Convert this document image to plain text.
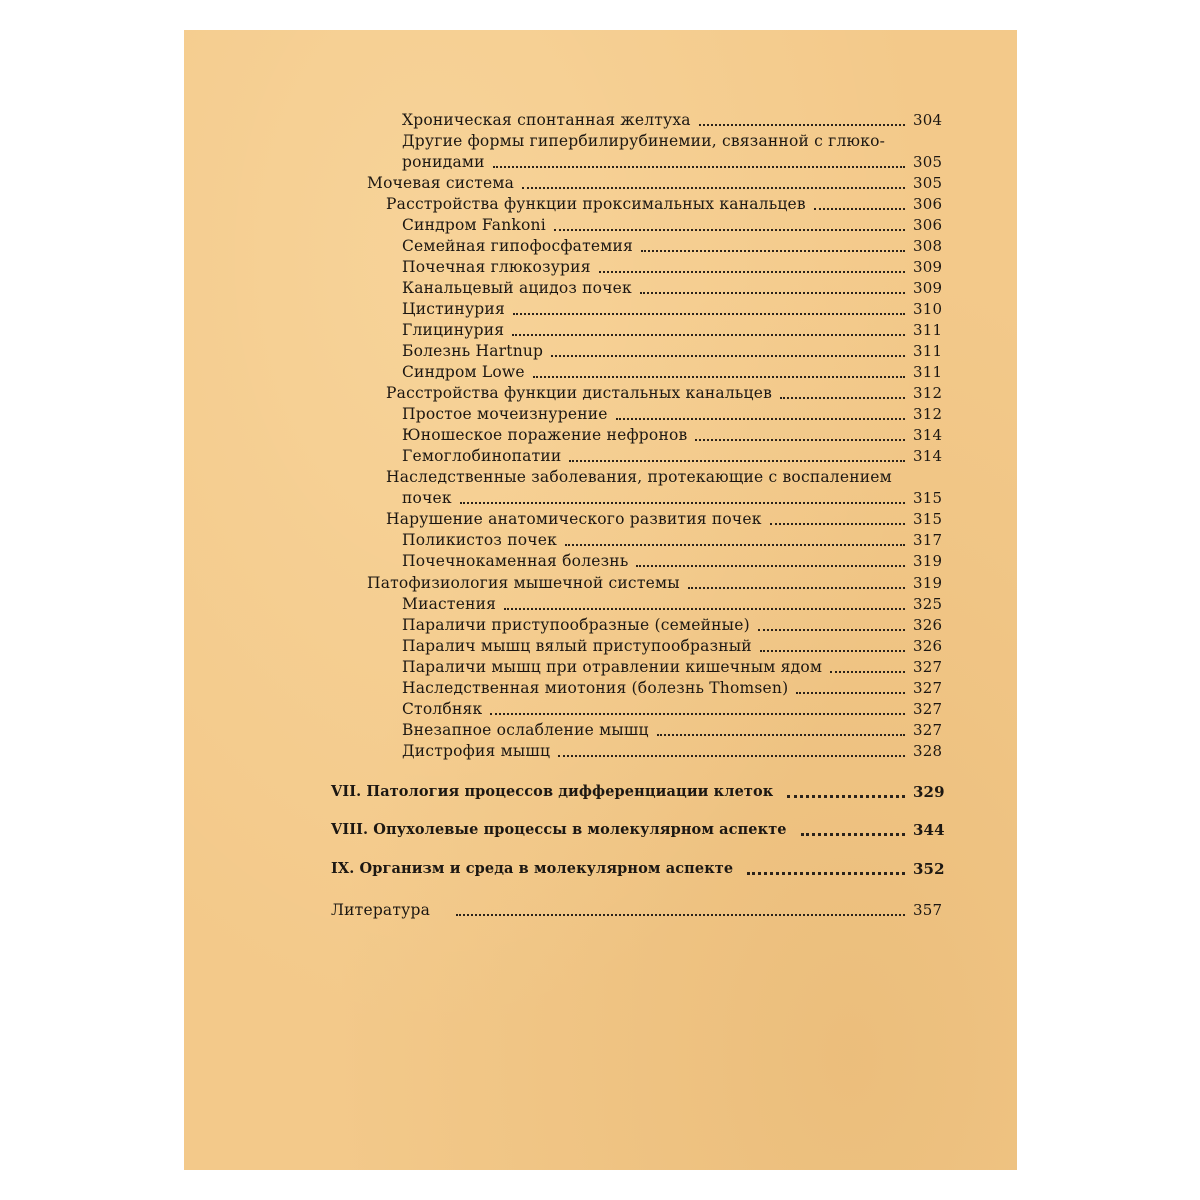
Хроническая спонтанная желтуха	304
Другие формы гипербилирубинемии, связанной с глюко-
ронидами	305
Мочевая система	305
Расстройства функции проксимальных канальцев	306
Синдром Fankoni	306
Семейная гипофосфатемия	308
Почечная глюкозурия	309
Канальцевый ацидоз почек	309
Цистинурия	310
Глицинурия	311
Болезнь Hartnup	311
Синдром Lowe	311
Расстройства функции дистальных канальцев	312
Простое мочеизнурение	312
Юношеское поражение нефронов	314
Гемоглобинопатии	314
Наследственные заболевания, протекающие с воспалением
почек	315
Нарушение анатомического развития почек	315
Поликистоз почек	317
Почечнокаменная болезнь	319
Патофизиология мышечной системы	319
Миастения	325
Параличи приступообразные (семейные)	326
Паралич мышц вялый приступообразный	326
Параличи мышц при отравлении кишечным ядом	327
Наследственная миотония (болезнь Thomsen)	327
Столбняк	327
Внезапное ослабление мышц	327
Дистрофия мышц	328
VII. Патология процессов дифференциации клеток	329
VIII. Опухолевые процессы в молекулярном аспекте	344
IX. Организм и среда в молекулярном аспекте	352
Литература	357
